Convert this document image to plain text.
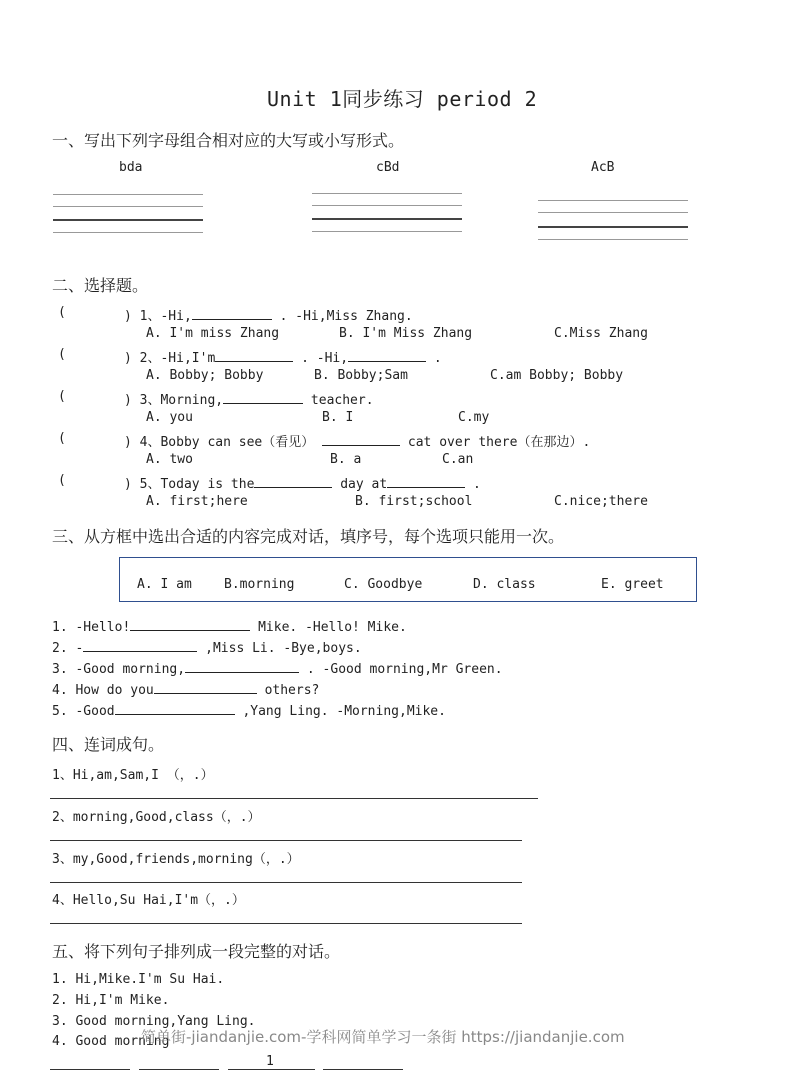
Unit 1同步练习 period 2
一、写出下列字母组合相对应的大写或小写形式。
bda	cBd	AcB
二、选择题。
(	) 1、-Hi,	. -Hi,Miss Zhang.
A. I'm miss Zhang	B. I'm Miss Zhang	C.Miss Zhang
(	) 2、-Hi,I'm	. -Hi,	.
A. Bobby; Bobby	B. Bobby;Sam	C.am Bobby; Bobby
(	) 3、Morning,	teacher.
A. you	B. I	C.my
(	) 4、Bobby can see（看见）	cat over there（在那边）.
A. two	B. a	C.an
(	) 5、Today is the	day at	.
A. first;here	B. first;school	C.nice;there
三、从方框中选出合适的内容完成对话，填序号，每个选项只能用一次。
A. I am B.morning	C. Goodbye	D. class	E. greet
1. -Hello!	Mike. -Hello! Mike.
2. -	,Miss Li. -Bye,boys.
3. -Good morning,	. -Good morning,Mr Green.
4. How do you	others?
5. -Good	,Yang Ling. -Morning,Mike.
四、连词成句。
1、Hi,am,Sam,I （，.）
2、morning,Good,class（，.）
3、my,Good,friends,morning（，.）
4、Hello,Su Hai,I'm（，.）
五、将下列句子排列成一段完整的对话。
1. Hi,Mike.I'm Su Hai.
2. Hi,I'm Mike.
3. Good morning,Yang Ling.
4. Good morning
1
简单街-jiandanjie.com-学科网简单学习一条街 https://jiandanjie.com
